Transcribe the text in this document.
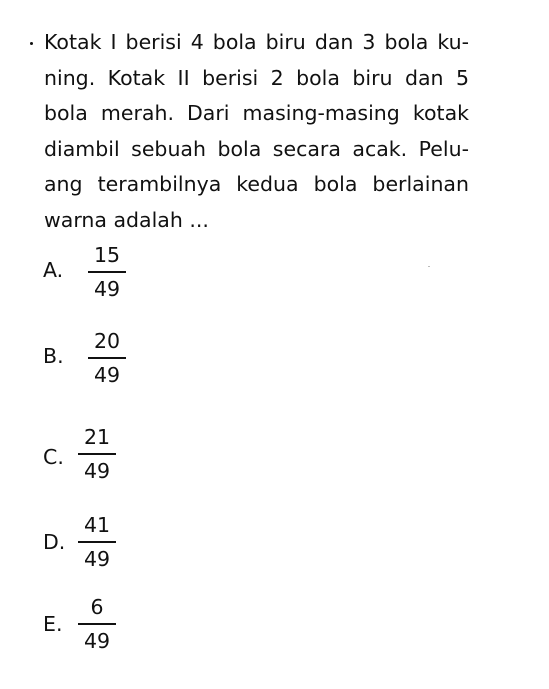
Kotak I berisi 4 bola biru dan 3 bola ku-ning. Kotak II berisi 2 bola biru dan 5 bola merah. Dari masing-masing kotak diambil sebuah bola secara acak. Pelu-ang terambilnya kedua bola berlainan warna adalah ...

A.
15
49
B.
20
49
C.
21
49
D.
41
49
E.
6
49
